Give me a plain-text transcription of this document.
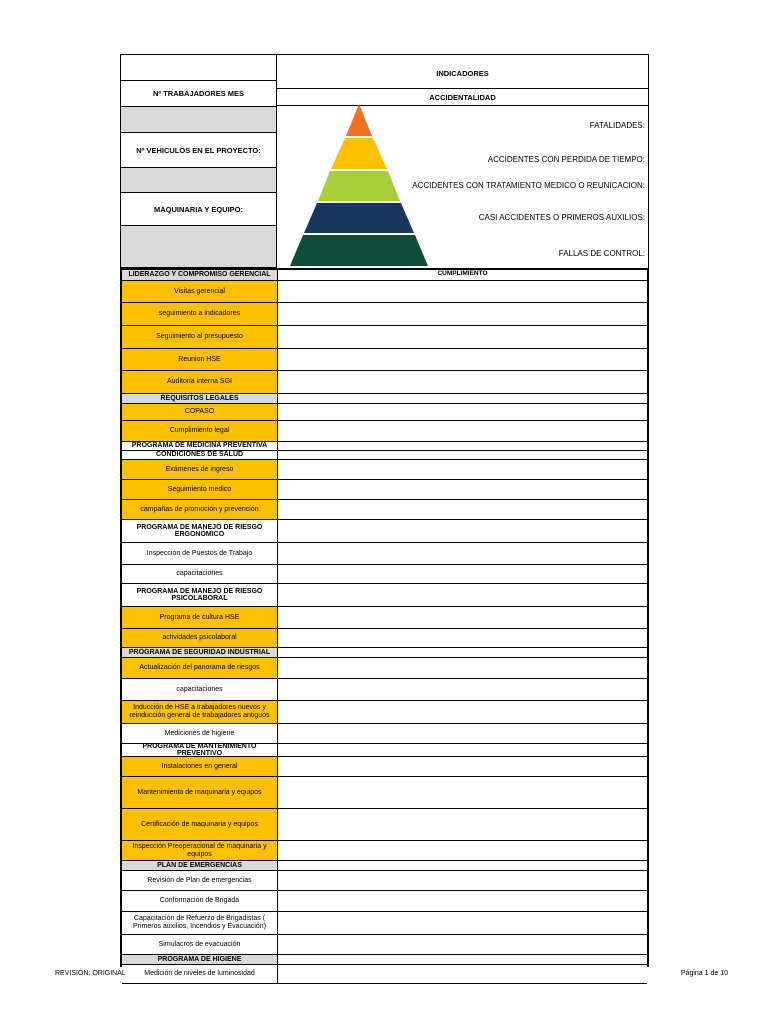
Nº TRABAJADORES MES
Nº VEHICULOS EN EL PROYECTO:
MAQUINARIA Y EQUIPO:
INDICADORES
ACCIDENTALIDAD
FATALIDADES:
ACCIDENTES CON PERDIDA DE TIEMPO:
ACCIDENTES CON TRATAMIENTO MEDICO O REUNICACION:
CASI ACCIDENTES O PRIMEROS AUXILIOS:
FALLAS DE CONTROL:
LIDERAZGO Y COMPROMISO GERENCIAL	CUMPLIMIENTO
Visitas gerencial
seguimiento a indicadores
Seguimiento al presupuesto
Reunion HSE
Auditoria interna SGI
REQUISITOS LEGALES
COPASO
Cumplimiento legal
PROGRAMA DE MEDICINA PREVENTIVA
CONDICIONES DE SALUD
Exámenes de ingreso
Seguimiento medico
campañas de promoción y prevención
PROGRAMA DE MANEJO DE RIESGO ERGONÓMICO
Inspección de Puestos de Trabajo
capacitaciones
PROGRAMA DE MANEJO DE RIESGO PSICOLABORAL
Programa de cultura HSE
actividades psicolaboral
PROGRAMA DE SEGURIDAD INDUSTRIAL
Actualización del panorama de riesgos
capacitaciones
Inducción de HSE a trabajadores nuevos y reinducción general de trabajadores antiguos
Mediciones de higiene
PROGRAMA DE MANTENIMIENTO PREVENTIVO
Instalaciones en general
Mantenimiento de maquinaria y equipos
Certificación de maquinaria y equipos
Inspección Preoperacional de maquinaria y equipos
PLAN DE EMERGENCIAS
Revisión de Plan de emergencias
Conformación de Brigada
Capacitación de Refuerzo de Brigadistas ( Primeros auxilios, Incendios y Evacuación)
Simulacros de evacuación
PROGRAMA DE HIGIENE
Medición de niveles de luminosidad
REVISIÓN: ORIGINAL	Página 1 de 10
